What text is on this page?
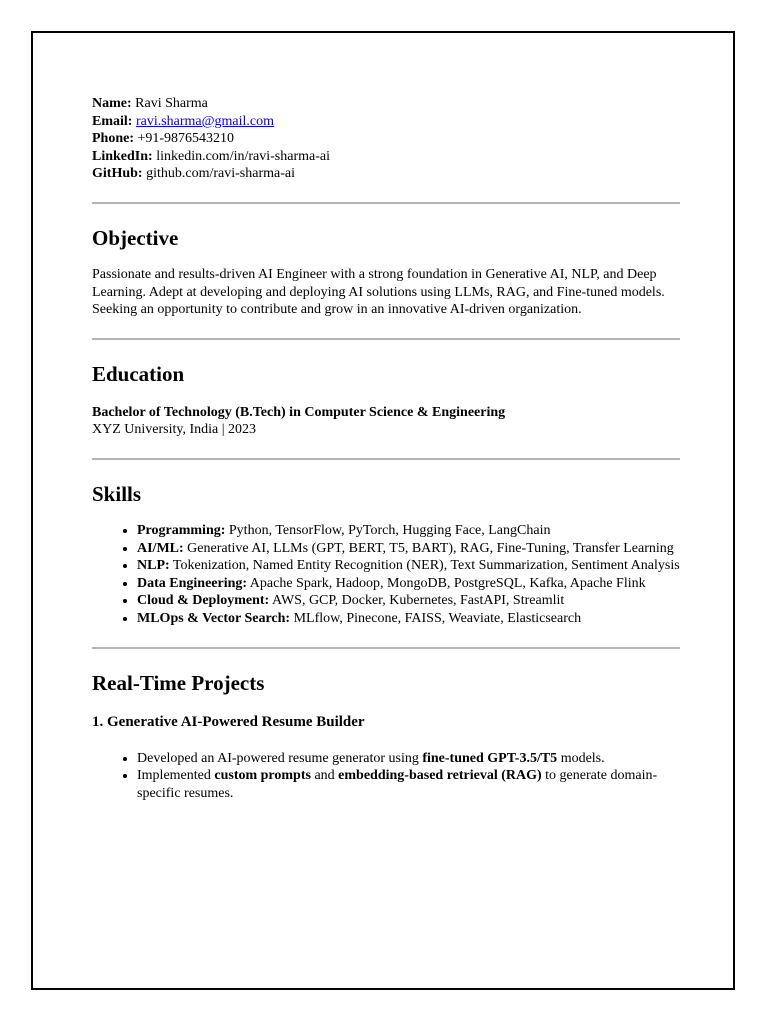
Name: Ravi Sharma

Email: ravi.sharma@gmail.com

Phone: +91-9876543210

LinkedIn: linkedin.com/in/ravi-sharma-ai

GitHub: github.com/ravi-sharma-ai

Objective

Passionate and results-driven AI Engineer with a strong foundation in Generative AI, NLP, and Deep Learning. Adept at developing and deploying AI solutions using LLMs, RAG, and Fine-tuned models. Seeking an opportunity to contribute and grow in an innovative AI-driven organization.

Education

Bachelor of Technology (B.Tech) in Computer Science & Engineering

XYZ University, India | 2023

Skills
• Programming: Python, TensorFlow, PyTorch, Hugging Face, LangChain
• AI/ML: Generative AI, LLMs (GPT, BERT, T5, BART), RAG, Fine-Tuning, Transfer Learning
• NLP: Tokenization, Named Entity Recognition (NER), Text Summarization, Sentiment Analysis
• Data Engineering: Apache Spark, Hadoop, MongoDB, PostgreSQL, Kafka, Apache Flink
• Cloud & Deployment: AWS, GCP, Docker, Kubernetes, FastAPI, Streamlit
• MLOps & Vector Search: MLflow, Pinecone, FAISS, Weaviate, Elasticsearch
Real-Time Projects
1. Generative AI-Powered Resume Builder
• Developed an AI-powered resume generator using fine-tuned GPT-3.5/T5 models.
• Implemented custom prompts and embedding-based retrieval (RAG) to generate domain-specific resumes.
